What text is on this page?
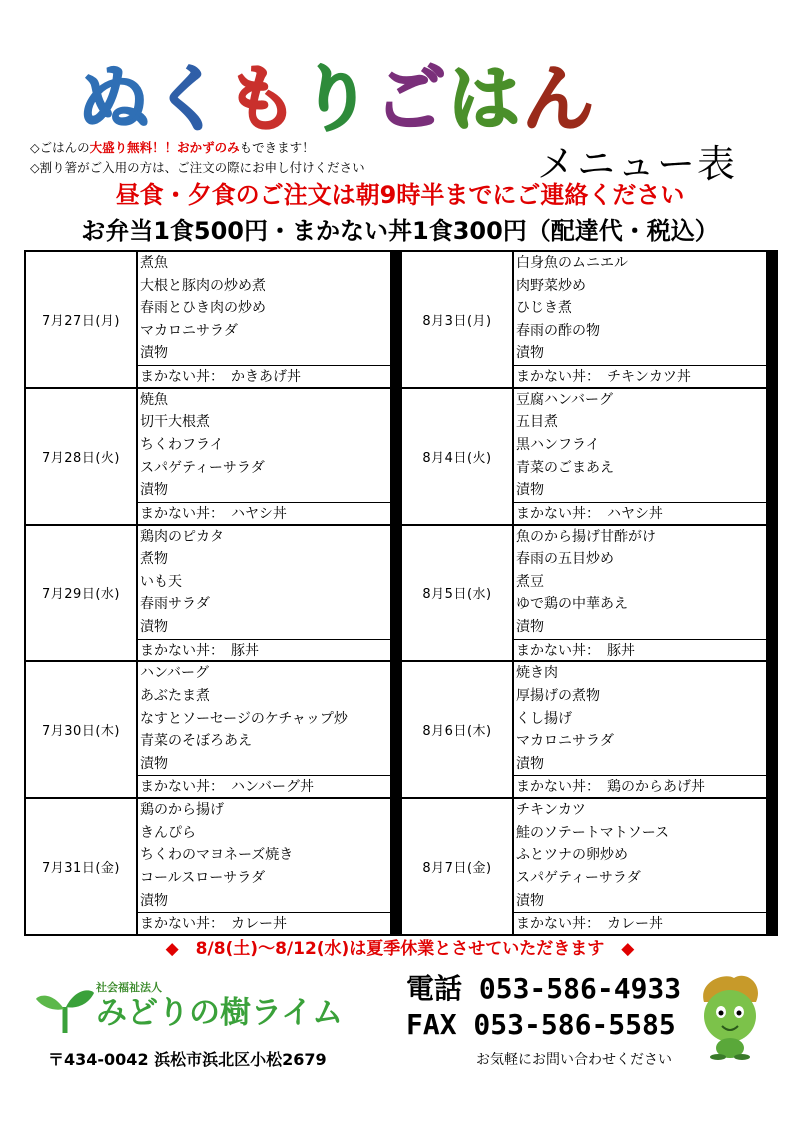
ぬ く も り ご は ん
メニュー表
◇ごはんの大盛り無料！！おかずのみもできます！
◇割り箸がご入用の方は、ご注文の際にお申し付けください
昼食・夕食のご注文は朝9時半までにご連絡ください
お弁当1食500円・まかない丼1食300円（配達代・税込）
7月27日(月)
煮魚
大根と豚肉の炒め煮
春雨とひき肉の炒め
マカロニサラダ
漬物
まかない丼：　かきあげ丼
8月3日(月)
白身魚のムニエル
肉野菜炒め
ひじき煮
春雨の酢の物
漬物
まかない丼：　チキンカツ丼
7月28日(火)
焼魚
切干大根煮
ちくわフライ
スパゲティーサラダ
漬物
まかない丼：　ハヤシ丼
8月4日(火)
豆腐ハンバーグ
五目煮
黒ハンフライ
青菜のごまあえ
漬物
まかない丼：　ハヤシ丼
7月29日(水)
鶏肉のピカタ
煮物
いも天
春雨サラダ
漬物
まかない丼：　豚丼
8月5日(水)
魚のから揚げ甘酢がけ
春雨の五目炒め
煮豆
ゆで鶏の中華あえ
漬物
まかない丼：　豚丼
7月30日(木)
ハンバーグ
あぶたま煮
なすとソーセージのケチャップ炒
青菜のそぼろあえ
漬物
まかない丼：　ハンバーグ丼
8月6日(木)
焼き肉
厚揚げの煮物
くし揚げ
マカロニサラダ
漬物
まかない丼：　鶏のからあげ丼
7月31日(金)
鶏のから揚げ
きんぴら
ちくわのマヨネーズ焼き
コールスローサラダ
漬物
まかない丼：　カレー丼
8月7日(金)
チキンカツ
鮭のソテートマトソース
ふとツナの卵炒め
スパゲティーサラダ
漬物
まかない丼：　カレー丼
◆　8/8(土)～8/12(水)は夏季休業とさせていただきます　◆
社会福祉法人
みどりの樹ライム
〒434-0042 浜松市浜北区小松2679
電話 053-586-4933
FAX 053-586-5585
お気軽にお問い合わせください
